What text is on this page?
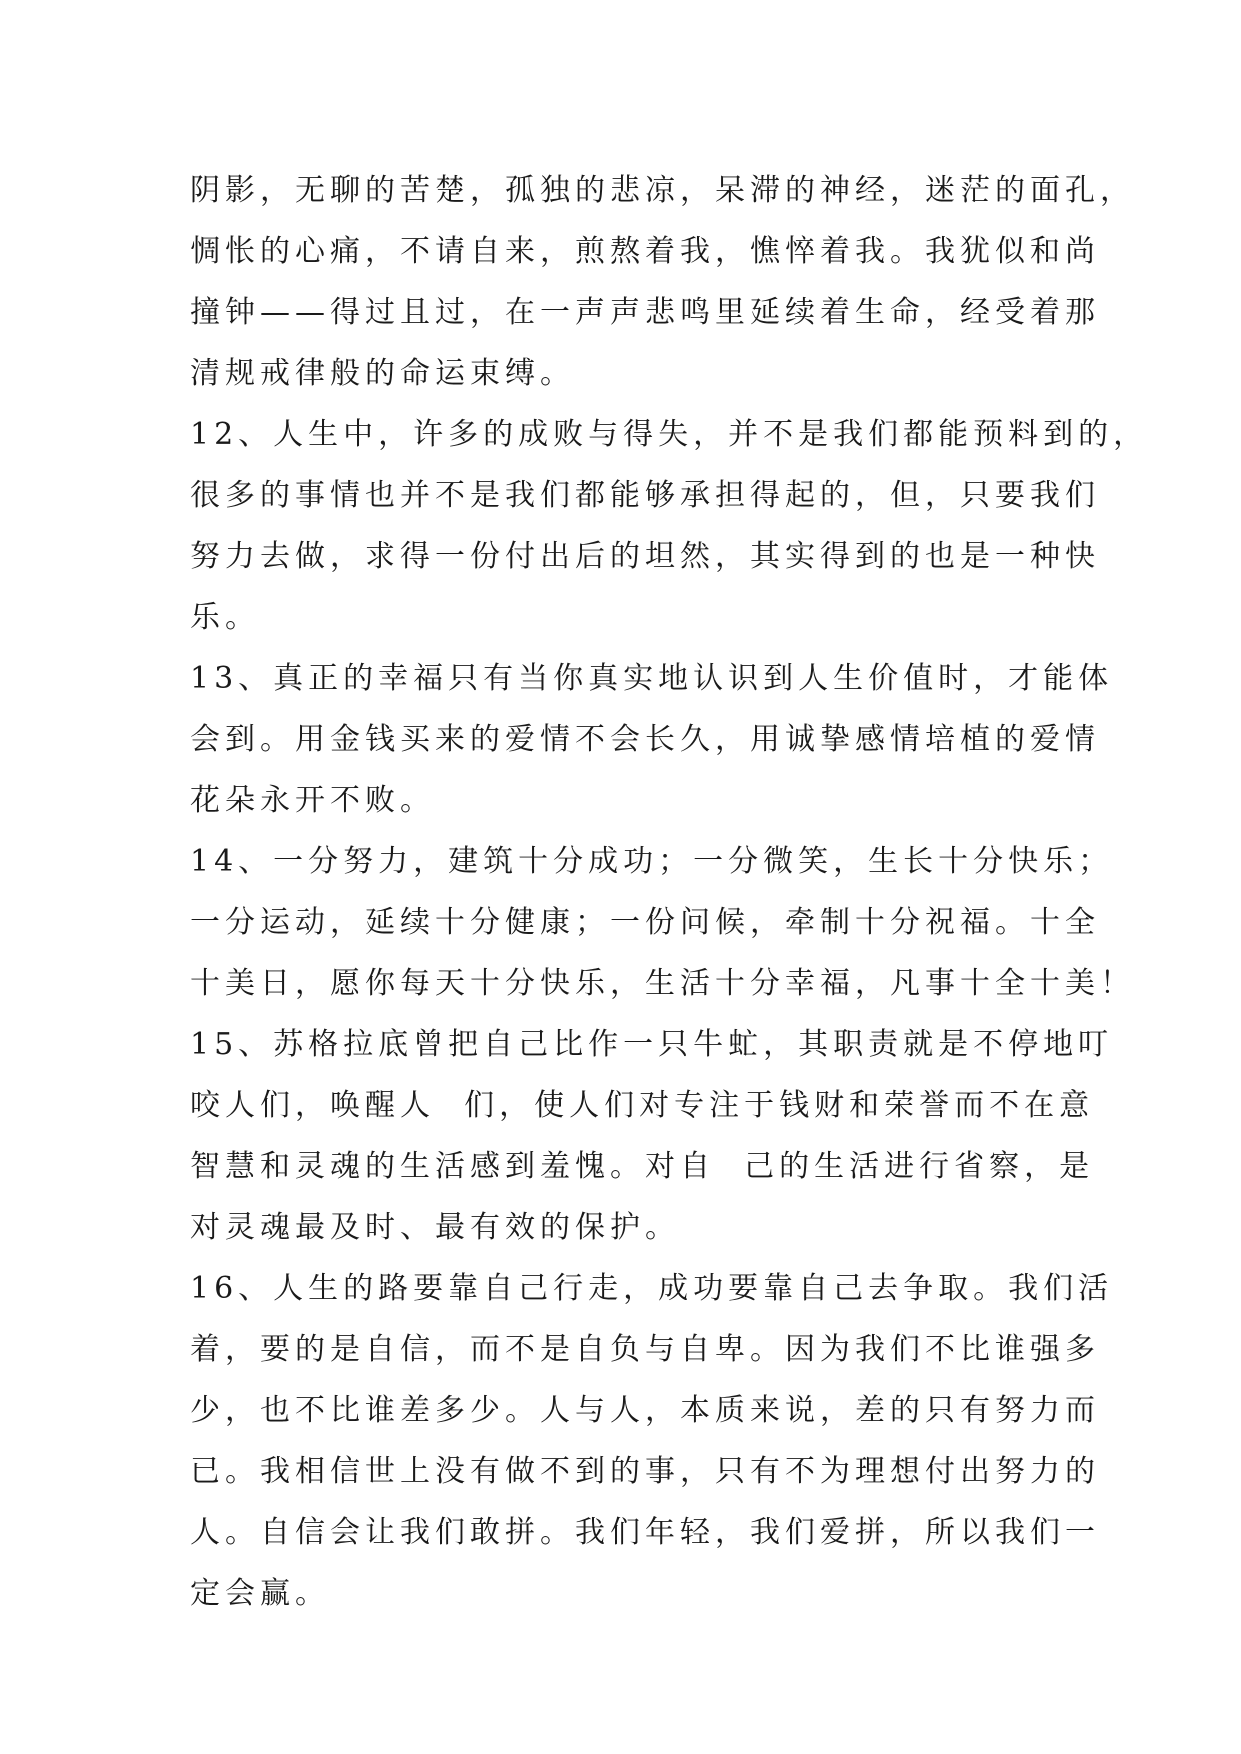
阴影，无聊的苦楚，孤独的悲凉，呆滞的神经，迷茫的面孔，
惆怅的心痛，不请自来，煎熬着我，憔悴着我。我犹似和尚
撞钟——得过且过，在一声声悲鸣里延续着生命，经受着那
清规戒律般的命运束缚。
12、人生中，许多的成败与得失，并不是我们都能预料到的，
很多的事情也并不是我们都能够承担得起的，但，只要我们
努力去做，求得一份付出后的坦然，其实得到的也是一种快
乐。
13、真正的幸福只有当你真实地认识到人生价值时，才能体
会到。用金钱买来的爱情不会长久，用诚挚感情培植的爱情
花朵永开不败。
14、一分努力，建筑十分成功；一分微笑，生长十分快乐；
一分运动，延续十分健康；一份问候，牵制十分祝福。十全
十美日，愿你每天十分快乐，生活十分幸福，凡事十全十美！
15、苏格拉底曾把自己比作一只牛虻，其职责就是不停地叮
咬人们，唤醒人  们，使人们对专注于钱财和荣誉而不在意
智慧和灵魂的生活感到羞愧。对自  己的生活进行省察，是
对灵魂最及时、最有效的保护。
16、人生的路要靠自己行走，成功要靠自己去争取。我们活
着，要的是自信，而不是自负与自卑。因为我们不比谁强多
少，也不比谁差多少。人与人，本质来说，差的只有努力而
已。我相信世上没有做不到的事，只有不为理想付出努力的
人。自信会让我们敢拼。我们年轻，我们爱拼，所以我们一
定会赢。
